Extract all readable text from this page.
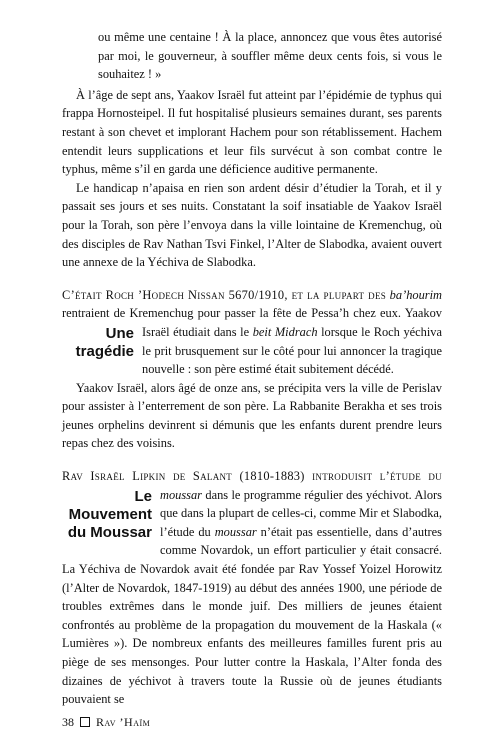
ou même une centaine ! À la place, annoncez que vous êtes autorisé par moi, le gouverneur, à souffler même deux cents fois, si vous le souhaitez ! »

À l’âge de sept ans, Yaakov Israël fut atteint par l’épidémie de typhus qui frappa Hornosteipel. Il fut hospitalisé plusieurs semaines durant, ses parents restant à son chevet et implorant Hachem pour son rétablissement. Hachem entendit leurs supplications et leur fils survécut à son combat contre le typhus, même s’il en garda une déficience auditive permanente.

Le handicap n’apaisa en rien son ardent désir d’étudier la Torah, et il y passait ses jours et ses nuits. Constatant la soif insatiable de Yaakov Israël pour la Torah, son père l’envoya dans la ville lointaine de Kremenchug, où des disciples de Rav Nathan Tsvi Finkel, l’Alter de Slabodka, avaient ouvert une annexe de la Yéchiva de Slabodka.

C’était Roch ’Hodech Nissan 5670/1910, et la plupart des ba’hourim rentraient de Kremenchug pour passer la fête de Pessa’h chez eux. Yaakov Israël étudiait dans le
Une
tragédie
beit Midrach lorsque le Roch yéchiva le prit brusquement sur le côté pour lui annoncer la tragique nouvelle : son père estimé était subitement décédé.

Yaakov Israël, alors âgé de onze ans, se précipita vers la ville de Perislav pour assister à l’enterrement de son père. La Rabbanite Berakha et ses trois jeunes orphelins devinrent si démunis que les enfants durent prendre leurs repas chez des voisins.

Rav Israël Lipkin de Salant (1810-1883) introduisit l’étude du moussar
Le
Mouvement
du Moussar
dans le programme régulier des yéchivot. Alors que dans la plupart de celles-ci, comme Mir et Slabodka, l’étude du moussar n’était pas essentielle, dans d’autres comme Novardok, un effort particulier y était consacré. La Yéchiva de Novardok avait été fondée par Rav Yossef Yoizel Horowitz (l’Alter de Novardok, 1847-1919) au début des années 1900, une période de troubles extrêmes dans le monde juif. Des milliers de jeunes étaient confrontés au problème de la propagation du mouvement de la Haskala (« Lumières »). De nombreux enfants des meilleures familles furent pris au piège de ses mensonges. Pour lutter contre la Haskala, l’Alter fonda des dizaines de yéchivot à travers toute la Russie où de jeunes étudiants pouvaient se

38 Rav ’Haïm
